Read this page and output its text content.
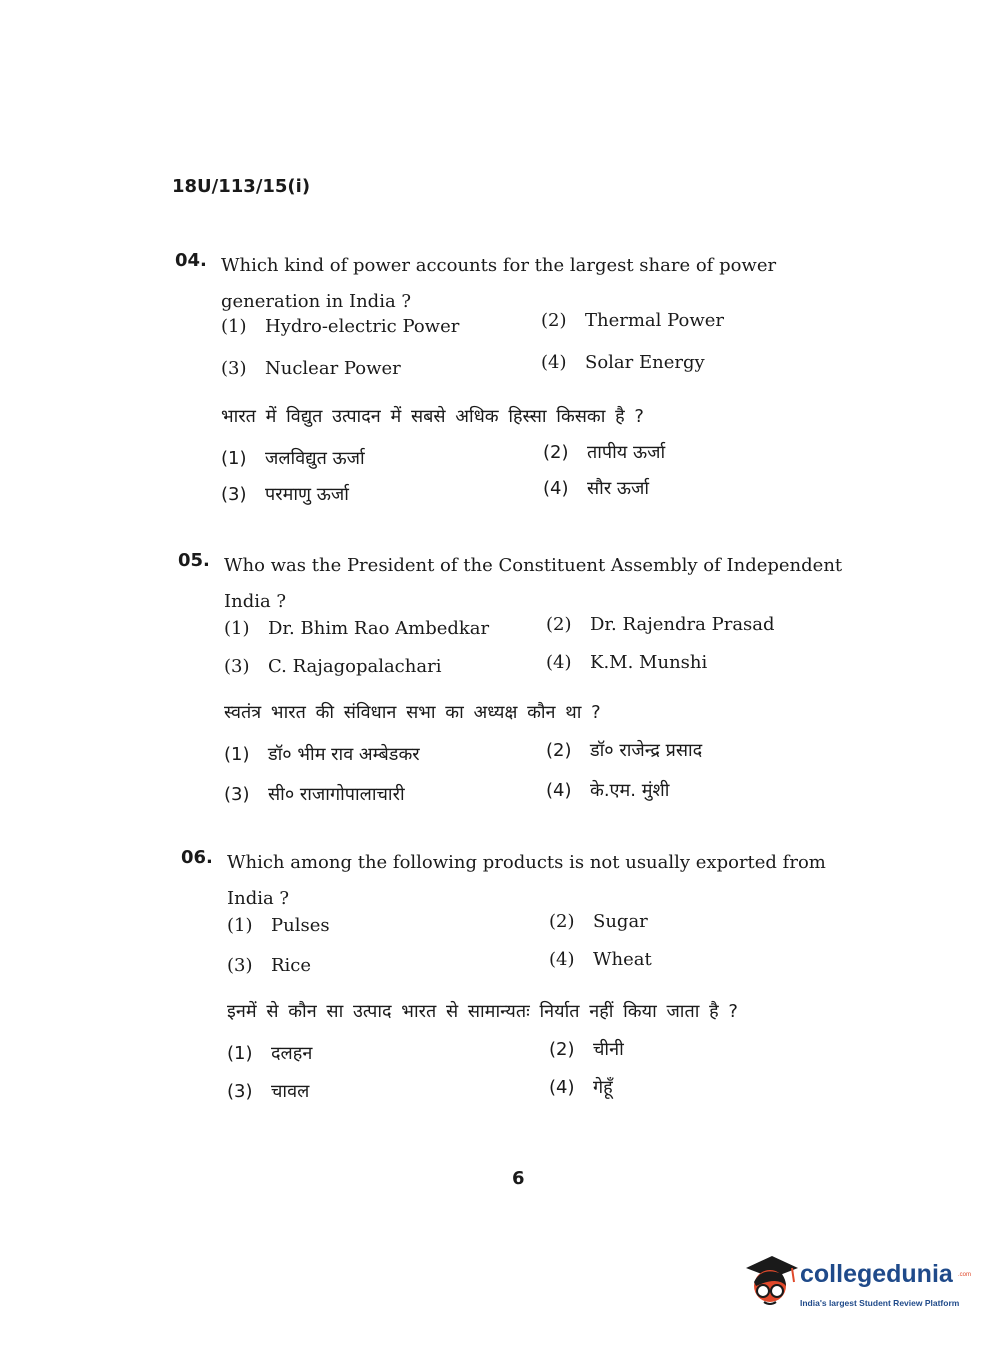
18U/113/15(i)
04. Which kind of power accounts for the largest share of power generation in India ?
(1) Hydro-electric Power	(2) Thermal Power
(3) Nuclear Power	(4) Solar Energy
भारत में विद्युत उत्पादन में सबसे अधिक हिस्सा किसका है ?
(1) जलविद्युत ऊर्जा	(2) तापीय ऊर्जा
(3) परमाणु ऊर्जा	(4) सौर ऊर्जा
05. Who was the President of the Constituent Assembly of Independent India ?
(1) Dr. Bhim Rao Ambedkar	(2) Dr. Rajendra Prasad
(3) C. Rajagopalachari	(4) K.M. Munshi
स्वतंत्र भारत की संविधान सभा का अध्यक्ष कौन था ?
(1) डॉ० भीम राव अम्बेडकर	(2) डॉ० राजेन्द्र प्रसाद
(3) सी० राजागोपालाचारी	(4) के.एम. मुंशी
06. Which among the following products is not usually exported from India ?
(1) Pulses	(2) Sugar
(3) Rice	(4) Wheat
इनमें से कौन सा उत्पाद भारत से सामान्यतः निर्यात नहीं किया जाता है ?
(1) दलहन	(2) चीनी
(3) चावल	(4) गेहूँ
6
collegedunia .com
India's largest Student Review Platform
